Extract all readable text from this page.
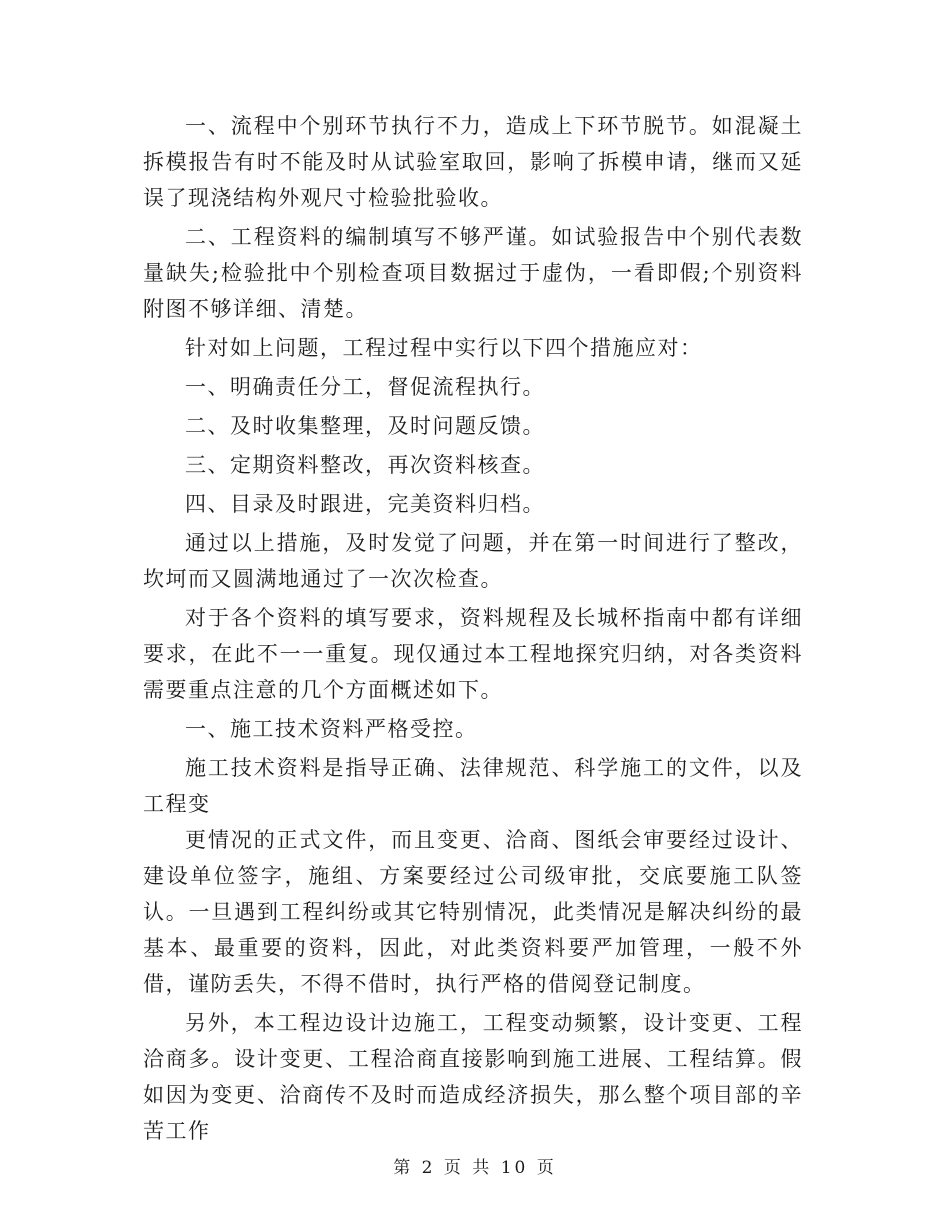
一、流程中个别环节执行不力，造成上下环节脱节。如混凝土拆模报告有时不能及时从试验室取回，影响了拆模申请，继而又延误了现浇结构外观尺寸检验批验收。

二、工程资料的编制填写不够严谨。如试验报告中个别代表数量缺失;检验批中个别检查项目数据过于虚伪，一看即假;个别资料附图不够详细、清楚。

针对如上问题，工程过程中实行以下四个措施应对：

一、明确责任分工，督促流程执行。

二、及时收集整理，及时问题反馈。

三、定期资料整改，再次资料核查。

四、目录及时跟进，完美资料归档。

通过以上措施，及时发觉了问题，并在第一时间进行了整改，坎坷而又圆满地通过了一次次检查。

对于各个资料的填写要求，资料规程及长城杯指南中都有详细要求，在此不一一重复。现仅通过本工程地探究归纳，对各类资料需要重点注意的几个方面概述如下。

一、施工技术资料严格受控。

施工技术资料是指导正确、法律规范、科学施工的文件，以及工程变

更情况的正式文件，而且变更、洽商、图纸会审要经过设计、建设单位签字，施组、方案要经过公司级审批，交底要施工队签认。一旦遇到工程纠纷或其它特别情况，此类情况是解决纠纷的最基本、最重要的资料，因此，对此类资料要严加管理，一般不外借，谨防丢失，不得不借时，执行严格的借阅登记制度。

另外，本工程边设计边施工，工程变动频繁，设计变更、工程洽商多。设计变更、工程洽商直接影响到施工进展、工程结算。假如因为变更、洽商传不及时而造成经济损失，那么整个项目部的辛苦工作

第 2 页 共 10 页
